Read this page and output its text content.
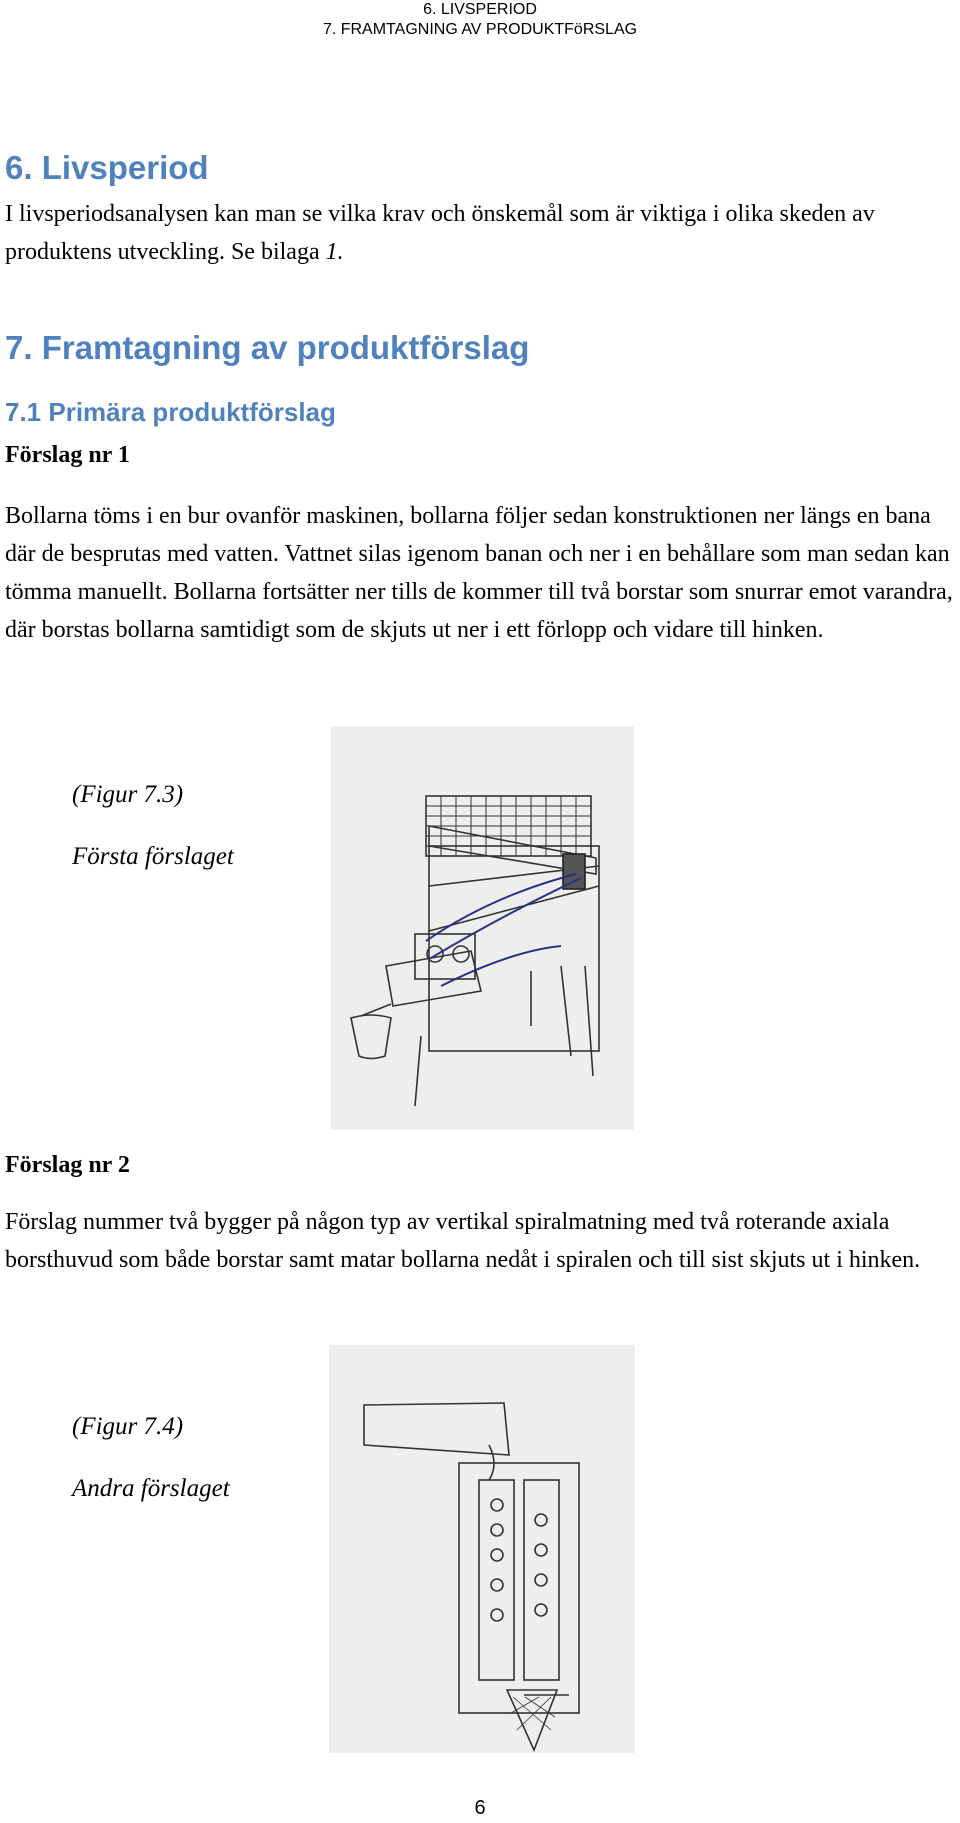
6. LIVSPERIOD
7. FRAMTAGNING AV PRODUKTFöRSLAG
6. Livsperiod

I livsperiodsanalysen kan man se vilka krav och önskemål som är viktiga i olika skeden av produktens utveckling. Se bilaga 1.

7. Framtagning av produktförslag
7.1 Primära produktförslag
Förslag nr 1

Bollarna töms i en bur ovanför maskinen, bollarna följer sedan konstruktionen ner längs en bana där de besprutas med vatten. Vattnet silas igenom banan och ner i en behållare som man sedan kan tömma manuellt. Bollarna fortsätter ner tills de kommer till två borstar som snurrar emot varandra, där borstas bollarna samtidigt som de skjuts ut ner i ett förlopp och vidare till hinken.

(Figur 7.3)
Första förslaget
Förslag nr 2

Förslag nummer två bygger på någon typ av vertikal spiralmatning med två roterande axiala borsthuvud som både borstar samt matar bollarna nedåt i spiralen och till sist skjuts ut i hinken.

(Figur 7.4)
Andra förslaget
6
